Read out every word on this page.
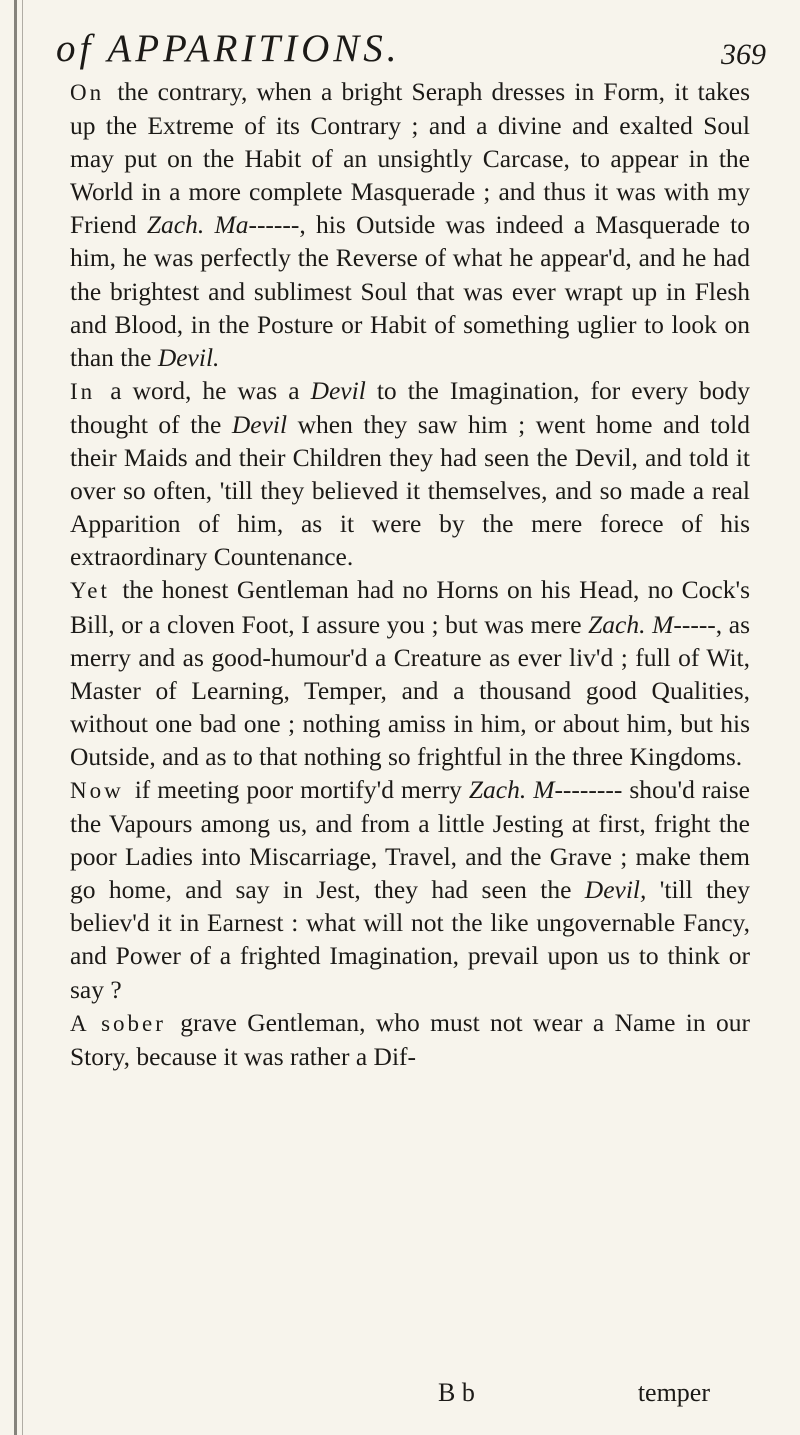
of APPARITIONS.	369

On the contrary, when a bright Seraph dresses in Form, it takes up the Extreme of its Contrary ; and a divine and exalted Soul may put on the Habit of an unsightly Carcase, to appear in the World in a more complete Masquerade ; and thus it was with my Friend Zach. Ma------, his Outside was indeed a Masquerade to him, he was perfectly the Reverse of what he appear'd, and he had the brightest and sublimest Soul that was ever wrapt up in Flesh and Blood, in the Posture or Habit of something uglier to look on than the Devil.

In a word, he was a Devil to the Imagination, for every body thought of the Devil when they saw him ; went home and told their Maids and their Children they had seen the Devil, and told it over so often, 'till they believed it themselves, and so made a real Apparition of him, as it were by the mere forece of his extraordinary Countenance.

Yet the honest Gentleman had no Horns on his Head, no Cock's Bill, or a cloven Foot, I assure you ; but was mere Zach. M-----, as merry and as good-humour'd a Creature as ever liv'd ; full of Wit, Master of Learning, Temper, and a thousand good Qualities, without one bad one ; nothing amiss in him, or about him, but his Outside, and as to that nothing so frightful in the three Kingdoms.

Now if meeting poor mortify'd merry Zach. M-------- shou'd raise the Vapours among us, and from a little Jesting at first, fright the poor Ladies into Miscarriage, Travel, and the Grave ; make them go home, and say in Jest, they had seen the Devil, 'till they believ'd it in Earnest : what will not the like ungovernable Fancy, and Power of a frighted Imagination, prevail upon us to think or say ?

A sober grave Gentleman, who must not wear a Name in our Story, because it was rather a Dif-

B b	temper
